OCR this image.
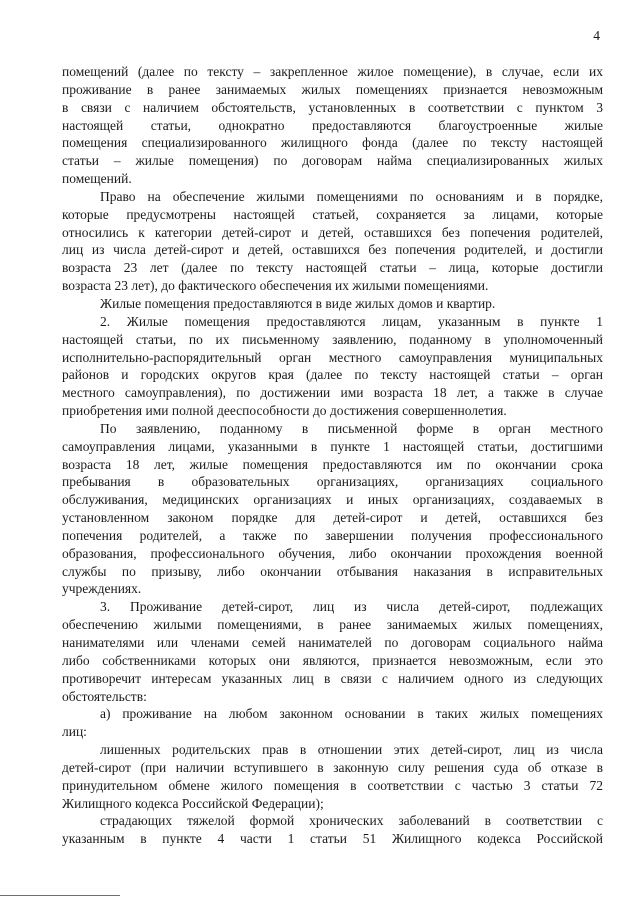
4
помещений (далее по тексту – закрепленное жилое помещение), в случае, если их
проживание в ранее занимаемых жилых помещениях признается невозможным
в связи с наличием обстоятельств, установленных в соответствии с пунктом 3
настоящей статьи, однократно предоставляются благоустроенные жилые
помещения специализированного жилищного фонда (далее по тексту настоящей
статьи – жилые помещения) по договорам найма специализированных жилых
помещений.
Право на обеспечение жилыми помещениями по основаниям и в порядке,
которые предусмотрены настоящей статьей, сохраняется за лицами, которые
относились к категории детей-сирот и детей, оставшихся без попечения родителей,
лиц из числа детей-сирот и детей, оставшихся без попечения родителей, и достигли
возраста 23 лет (далее по тексту настоящей статьи – лица, которые достигли
возраста 23 лет), до фактического обеспечения их жилыми помещениями.
Жилые помещения предоставляются в виде жилых домов и квартир.
2. Жилые помещения предоставляются лицам, указанным в пункте 1
настоящей статьи, по их письменному заявлению, поданному в уполномоченный
исполнительно-распорядительный орган местного самоуправления муниципальных
районов и городских округов края (далее по тексту настоящей статьи – орган
местного самоуправления), по достижении ими возраста 18 лет, а также в случае
приобретения ими полной дееспособности до достижения совершеннолетия.
По заявлению, поданному в письменной форме в орган местного
самоуправления лицами, указанными в пункте 1 настоящей статьи, достигшими
возраста 18 лет, жилые помещения предоставляются им по окончании срока
пребывания в образовательных организациях, организациях социального
обслуживания, медицинских организациях и иных организациях, создаваемых в
установленном законом порядке для детей-сирот и детей, оставшихся без
попечения родителей, а также по завершении получения профессионального
образования, профессионального обучения, либо окончании прохождения военной
службы по призыву, либо окончании отбывания наказания в исправительных
учреждениях.
3. Проживание детей-сирот, лиц из числа детей-сирот, подлежащих
обеспечению жилыми помещениями, в ранее занимаемых жилых помещениях,
нанимателями или членами семей нанимателей по договорам социального найма
либо собственниками которых они являются, признается невозможным, если это
противоречит интересам указанных лиц в связи с наличием одного из следующих
обстоятельств:
а) проживание на любом законном основании в таких жилых помещениях
лиц:
лишенных родительских прав в отношении этих детей-сирот, лиц из числа
детей-сирот (при наличии вступившего в законную силу решения суда об отказе в
принудительном обмене жилого помещения в соответствии с частью 3 статьи 72
Жилищного кодекса Российской Федерации);
страдающих тяжелой формой хронических заболеваний в соответствии с
указанным в пункте 4 части 1 статьи 51 Жилищного кодекса Российской
